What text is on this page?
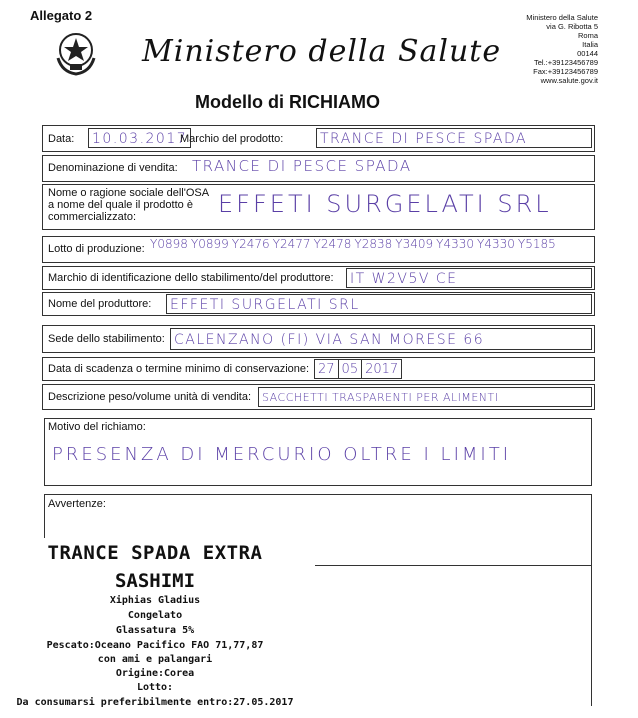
Allegato 2
Ministero della Salute
Ministero della Salute
via G. Ribotta 5
Roma
Italia
00144
Tel.:+39123456789
Fax:+39123456789
www.salute.gov.it
Modello di RICHIAMO
Data: 10.03.2017
Marchio del prodotto:	TRANCE DI PESCE SPADA
Denominazione di vendita: TRANCE DI PESCE SPADA
Nome o ragione sociale dell'OSA
a nome del quale il prodotto è
commercializzato:	EFFETI SURGELATI SRL
Lotto di produzione: Y0898 Y0899 Y2476 Y2477 Y2478 Y2838 Y3409 Y4330 Y4330 Y5185
Marchio di identificazione dello stabilimento/del produttore: IT W2V5V CE
Nome del produttore: EFFETI SURGELATI SRL
Sede dello stabilimento: CALENZANO (FI) VIA SAN MORESE 66
Data di scadenza o termine minimo di conservazione: 27 05 2017
Descrizione peso/volume unità di vendita: SACCHETTI TRASPARENTI PER ALIMENTI
Motivo del richiamo:
PRESENZA DI MERCURIO OLTRE I LIMITI
Avvertenze:
TRANCE SPADA EXTRA
SASHIMI
Xiphias Gladius
Congelato
Glassatura 5%
Pescato:Oceano Pacifico FAO 71,77,87
con ami e palangari
Origine:Corea
Lotto:
Da consumarsi preferibilmente entro:27.05.2017
